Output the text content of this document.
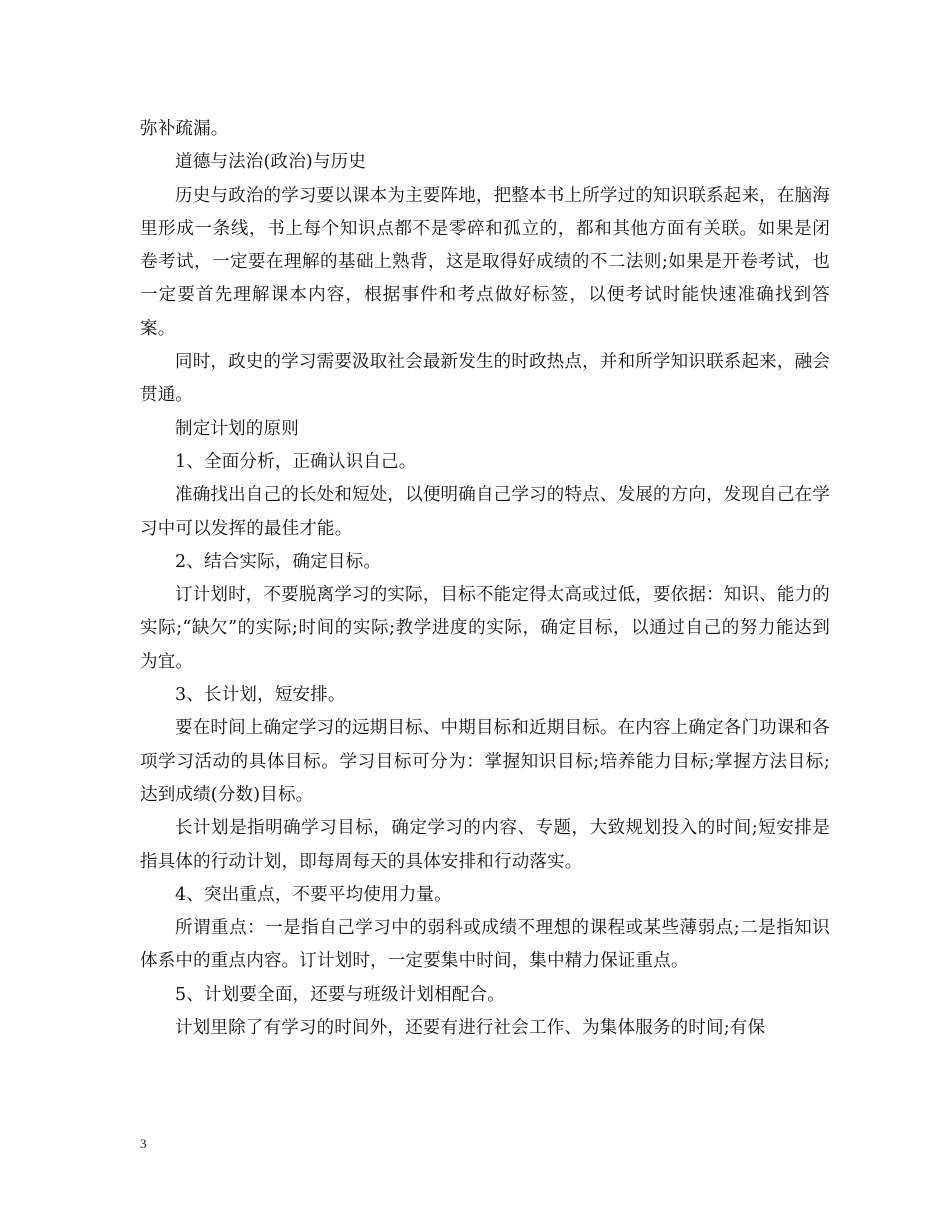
弥补疏漏。

道德与法治(政治)与历史

历史与政治的学习要以课本为主要阵地，把整本书上所学过的知识联系起来，在脑海里形成一条线，书上每个知识点都不是零碎和孤立的，都和其他方面有关联。如果是闭卷考试，一定要在理解的基础上熟背，这是取得好成绩的不二法则;如果是开卷考试，也一定要首先理解课本内容，根据事件和考点做好标签，以便考试时能快速准确找到答案。

同时，政史的学习需要汲取社会最新发生的时政热点，并和所学知识联系起来，融会贯通。

制定计划的原则

1、全面分析，正确认识自己。

准确找出自己的长处和短处，以便明确自己学习的特点、发展的方向，发现自己在学习中可以发挥的最佳才能。

2、结合实际，确定目标。

订计划时，不要脱离学习的实际，目标不能定得太高或过低，要依据：知识、能力的实际;“缺欠”的实际;时间的实际;教学进度的实际，确定目标，以通过自己的努力能达到为宜。

3、长计划，短安排。

要在时间上确定学习的远期目标、中期目标和近期目标。在内容上确定各门功课和各项学习活动的具体目标。学习目标可分为：掌握知识目标;培养能力目标;掌握方法目标;达到成绩(分数)目标。

长计划是指明确学习目标，确定学习的内容、专题，大致规划投入的时间;短安排是指具体的行动计划，即每周每天的具体安排和行动落实。

4、突出重点，不要平均使用力量。

所谓重点：一是指自己学习中的弱科或成绩不理想的课程或某些薄弱点;二是指知识体系中的重点内容。订计划时，一定要集中时间，集中精力保证重点。

5、计划要全面，还要与班级计划相配合。

计划里除了有学习的时间外，还要有进行社会工作、为集体服务的时间;有保

3
